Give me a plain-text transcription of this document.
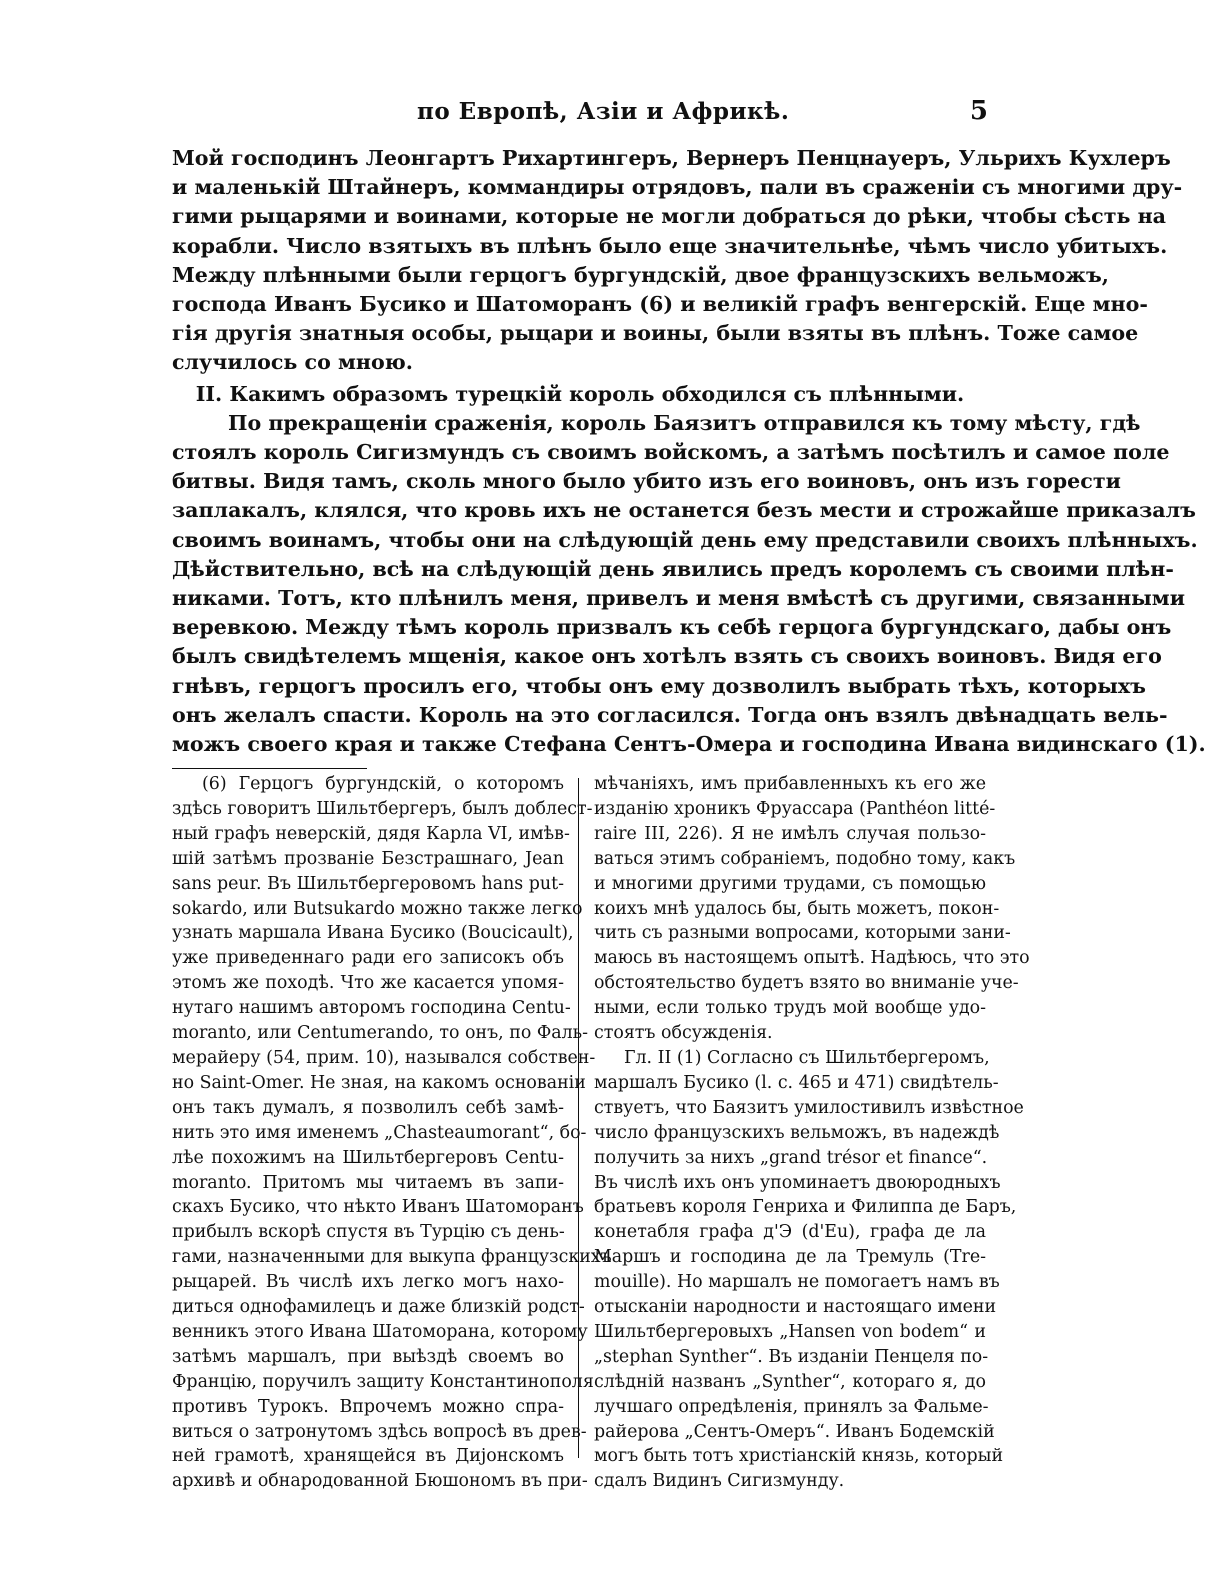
по Европѣ, Азіи и Африкѣ.	5
Мой господинъ Леонгартъ Рихартингеръ, Вернеръ Пенцнауеръ, Ульрихъ Кухлеръ
и маленькій Штайнеръ, коммандиры отрядовъ, пали въ сраженіи съ многими дру-
гими рыцарями и воинами, которые не могли добраться до рѣки, чтобы сѣсть на
корабли. Число взятыхъ въ плѣнъ было еще значительнѣе, чѣмъ число убитыхъ.
Между плѣнными были герцогъ бургундскій, двое французскихъ вельможъ,
господа Иванъ Бусико и Шатоморанъ (6) и великій графъ венгерскій. Еще мно-
гія другія знатныя особы, рыцари и воины, были взяты въ плѣнъ. Тоже самое
случилось со мною.
II. Какимъ образомъ турецкій король обходился съ плѣнными.
По прекращеніи сраженія, король Баязитъ отправился къ тому мѣсту, гдѣ
стоялъ король Сигизмундъ съ своимъ войскомъ, а затѣмъ посѣтилъ и самое поле
битвы. Видя тамъ, сколь много было убито изъ его воиновъ, онъ изъ горести
заплакалъ, клялся, что кровь ихъ не останется безъ мести и строжайше приказалъ
своимъ воинамъ, чтобы они на слѣдующій день ему представили своихъ плѣнныхъ.
Дѣйствительно, всѣ на слѣдующій день явились предъ королемъ съ своими плѣн-
никами. Тотъ, кто плѣнилъ меня, привелъ и меня вмѣстѣ съ другими, связанными
веревкою. Между тѣмъ король призвалъ къ себѣ герцога бургундскаго, дабы онъ
былъ свидѣтелемъ мщенія, какое онъ хотѣлъ взять съ своихъ воиновъ. Видя его
гнѣвъ, герцогъ просилъ его, чтобы онъ ему дозволилъ выбрать тѣхъ, которыхъ
онъ желалъ спасти. Король на это согласился. Тогда онъ взялъ двѣнадцать вель-
можъ своего края и также Стефана Сентъ-Омера и господина Ивана видинскаго (1).
(6) Герцогъ бургундскій, о которомъ
здѣсь говоритъ Шильтбергеръ, былъ доблест-
ный графъ неверскій, дядя Карла VI, имѣв-
шій затѣмъ прозваніе Безстрашнаго, Jean
sans peur. Въ Шильтбергеровомъ hans put-
sokardo, или Butsukardo можно также легко
узнать маршала Ивана Бусико (Boucicault),
уже приведеннаго ради его записокъ объ
этомъ же походѣ. Что же касается упомя-
нутаго нашимъ авторомъ господина Centu-
moranto, или Centumerando, то онъ, по Фаль-
мерайеру (54, прим. 10), назывался собствен-
но Saint-Omer. Не зная, на какомъ основаніи
онъ такъ думалъ, я позволилъ себѣ замѣ-
нить это имя именемъ „Chasteaumorant“, бо-
лѣе похожимъ на Шильтбергеровъ Centu-
moranto. Притомъ мы читаемъ въ запи-
скахъ Бусико, что нѣкто Иванъ Шатоморанъ
прибылъ вскорѣ спустя въ Турцію съ день-
гами, назначенными для выкупа французскихъ
рыцарей. Въ числѣ ихъ легко могъ нахо-
диться однофамилецъ и даже близкій родст-
венникъ этого Ивана Шатоморана, которому
затѣмъ маршалъ, при выѣздѣ своемъ во
Францію, поручилъ защиту Константинополя
противъ Турокъ. Впрочемъ можно спра-
виться о затронутомъ здѣсь вопросѣ въ древ-
ней грамотѣ, хранящейся въ Диjонскомъ
архивѣ и обнародованной Бюшономъ въ при-
мѣчаніяхъ, имъ прибавленныхъ къ его же
изданію хроникъ Фруассара (Panthéon litté-
raire III, 226). Я не имѣлъ случая пользо-
ваться этимъ собраніемъ, подобно тому, какъ
и многими другими трудами, съ помощью
коихъ мнѣ удалось бы, быть можетъ, покон-
чить съ разными вопросами, которыми зани-
маюсь въ настоящемъ опытѣ. Надѣюсь, что это
обстоятельство будетъ взято во вниманіе уче-
ными, если только трудъ мой вообще удо-
стоятъ обсужденія.
Гл. II (1) Согласно съ Шильтбергеромъ,
маршалъ Бусико (l. c. 465 и 471) свидѣтель-
ствуетъ, что Баязитъ умилостивилъ извѣстное
число французскихъ вельможъ, въ надеждѣ
получить за нихъ „grand trésor et finance“.
Въ числѣ ихъ онъ упоминаетъ двоюродныхъ
братьевъ короля Генриха и Филиппа де Баръ,
конетабля графа д'Э (d'Eu), графа де ла
Маршъ и господина де ла Тремуль (Tre-
mouille). Но маршалъ не помогаетъ намъ въ
отысканіи народности и настоящаго имени
Шильтбергеровыхъ „Hansen von bodem“ и
„stephan Synther“. Въ изданіи Пенцеля по-
слѣдній названъ „Synther“, котораго я, до
лучшаго опредѣленія, принялъ за Фальме-
райерова „Сентъ-Омеръ“. Иванъ Бодемскій
могъ быть тотъ христіанскій князь, который
сдалъ Видинъ Сигизмунду.
